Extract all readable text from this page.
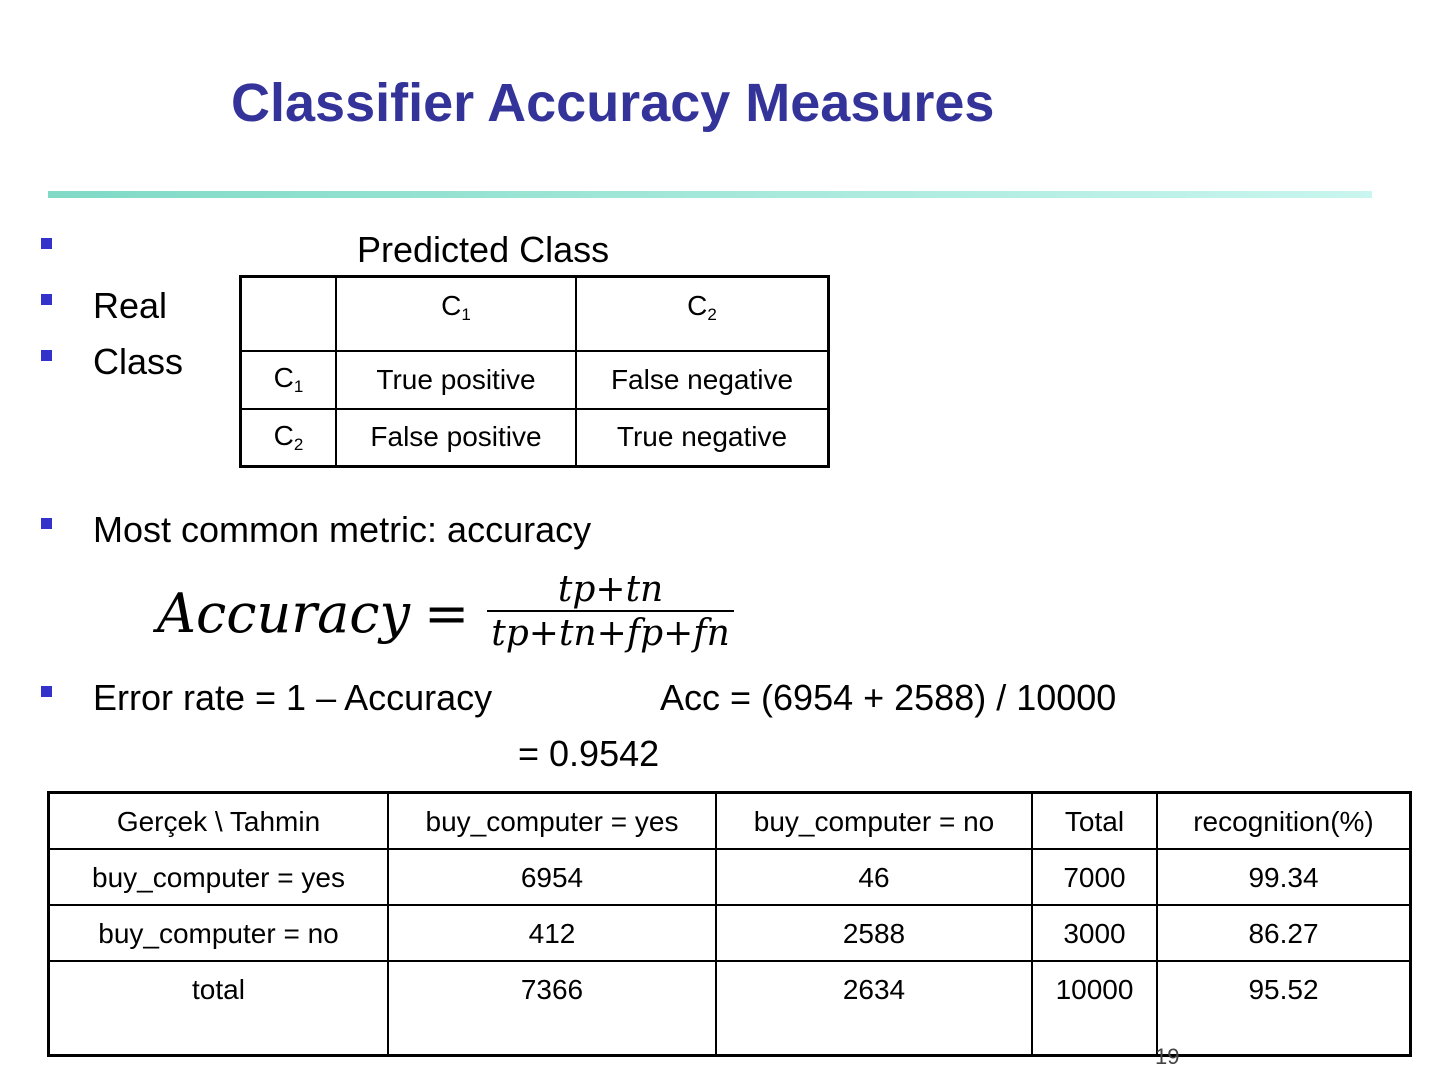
Classifier Accuracy Measures
Predicted Class
Real
Class
	$C_1$	$C_2$
$C_1$	True positive	False negative
$C_2$	False positive	True negative
Most common metric: accuracy
Accuracy = $\frac{tp+tn}{tp+tn+fp+fn}$
Error rate = 1 – Accuracy	Acc = (6954 + 2588) / 10000
= 0.9542
Gerçek \ Tahmin	buy_computer = yes	buy_computer = no	Total	recognition(%)
buy_computer = yes	6954	46	7000	99.34
buy_computer = no	412	2588	3000	86.27
total	7366	2634	10000	95.52
19
